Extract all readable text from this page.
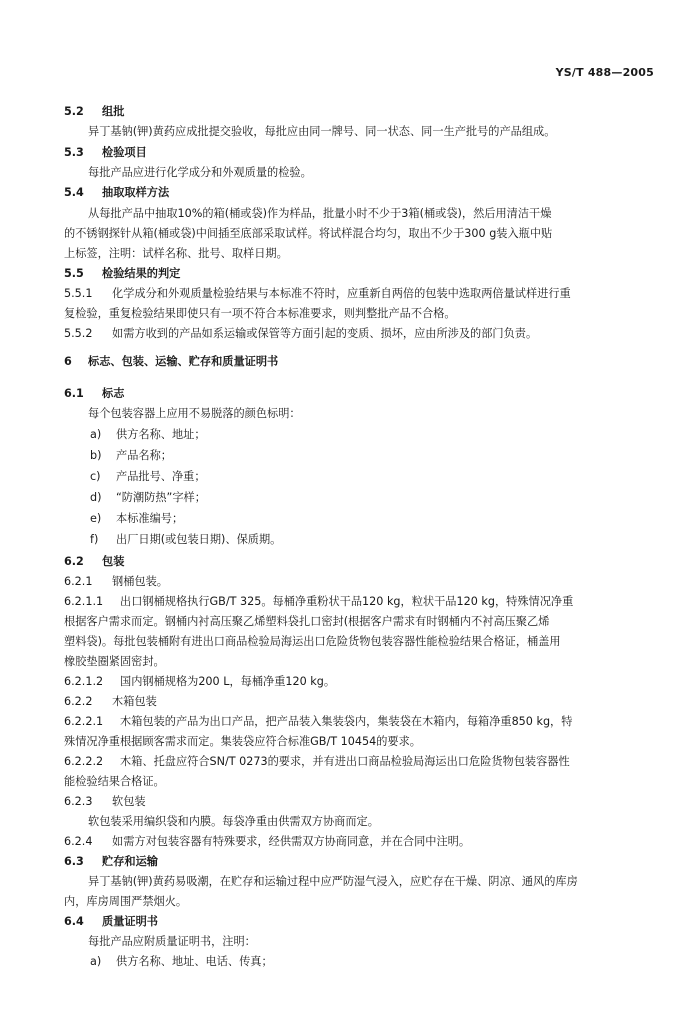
YS/T 488—2005
5.2 组批
异丁基钠(钾)黄药应成批提交验收，每批应由同一牌号、同一状态、同一生产批号的产品组成。
5.3 检验项目
每批产品应进行化学成分和外观质量的检验。
5.4 抽取取样方法
从每批产品中抽取10%的箱(桶或袋)作为样品，批量小时不少于3箱(桶或袋)，然后用清洁干燥
的不锈钢探针从箱(桶或袋)中间插至底部采取试样。将试样混合均匀，取出不少于300 g装入瓶中贴
上标签，注明：试样名称、批号、取样日期。
5.5 检验结果的判定
5.5.1 化学成分和外观质量检验结果与本标准不符时，应重新自两倍的包装中选取两倍量试样进行重
复检验，重复检验结果即使只有一项不符合本标准要求，则判整批产品不合格。
5.5.2 如需方收到的产品如系运输或保管等方面引起的变质、损坏，应由所涉及的部门负责。
6 标志、包装、运输、贮存和质量证明书
6.1 标志
每个包装容器上应用不易脱落的颜色标明：
a) 供方名称、地址；
b) 产品名称；
c) 产品批号、净重；
d) “防潮防热”字样；
e) 本标准编号；
f) 出厂日期(或包装日期)、保质期。
6.2 包装
6.2.1 钢桶包装。
6.2.1.1 出口钢桶规格执行GB/T 325。每桶净重粉状干品120 kg，粒状干品120 kg，特殊情况净重
根据客户需求而定。钢桶内衬高压聚乙烯塑料袋扎口密封(根据客户需求有时钢桶内不衬高压聚乙烯
塑料袋)。每批包装桶附有进出口商品检验局海运出口危险货物包装容器性能检验结果合格证，桶盖用
橡胶垫圈紧固密封。
6.2.1.2 国内钢桶规格为200 L，每桶净重120 kg。
6.2.2 木箱包装
6.2.2.1 木箱包装的产品为出口产品，把产品装入集装袋内，集装袋在木箱内，每箱净重850 kg，特
殊情况净重根据顾客需求而定。集装袋应符合标准GB/T 10454的要求。
6.2.2.2 木箱、托盘应符合SN/T 0273的要求，并有进出口商品检验局海运出口危险货物包装容器性
能检验结果合格证。
6.2.3 软包装
软包装采用编织袋和内膜。每袋净重由供需双方协商而定。
6.2.4 如需方对包装容器有特殊要求，经供需双方协商同意，并在合同中注明。
6.3 贮存和运输
异丁基钠(钾)黄药易吸潮，在贮存和运输过程中应严防湿气浸入，应贮存在干燥、阴凉、通风的库房
内，库房周围严禁烟火。
6.4 质量证明书
每批产品应附质量证明书，注明：
a) 供方名称、地址、电话、传真；
